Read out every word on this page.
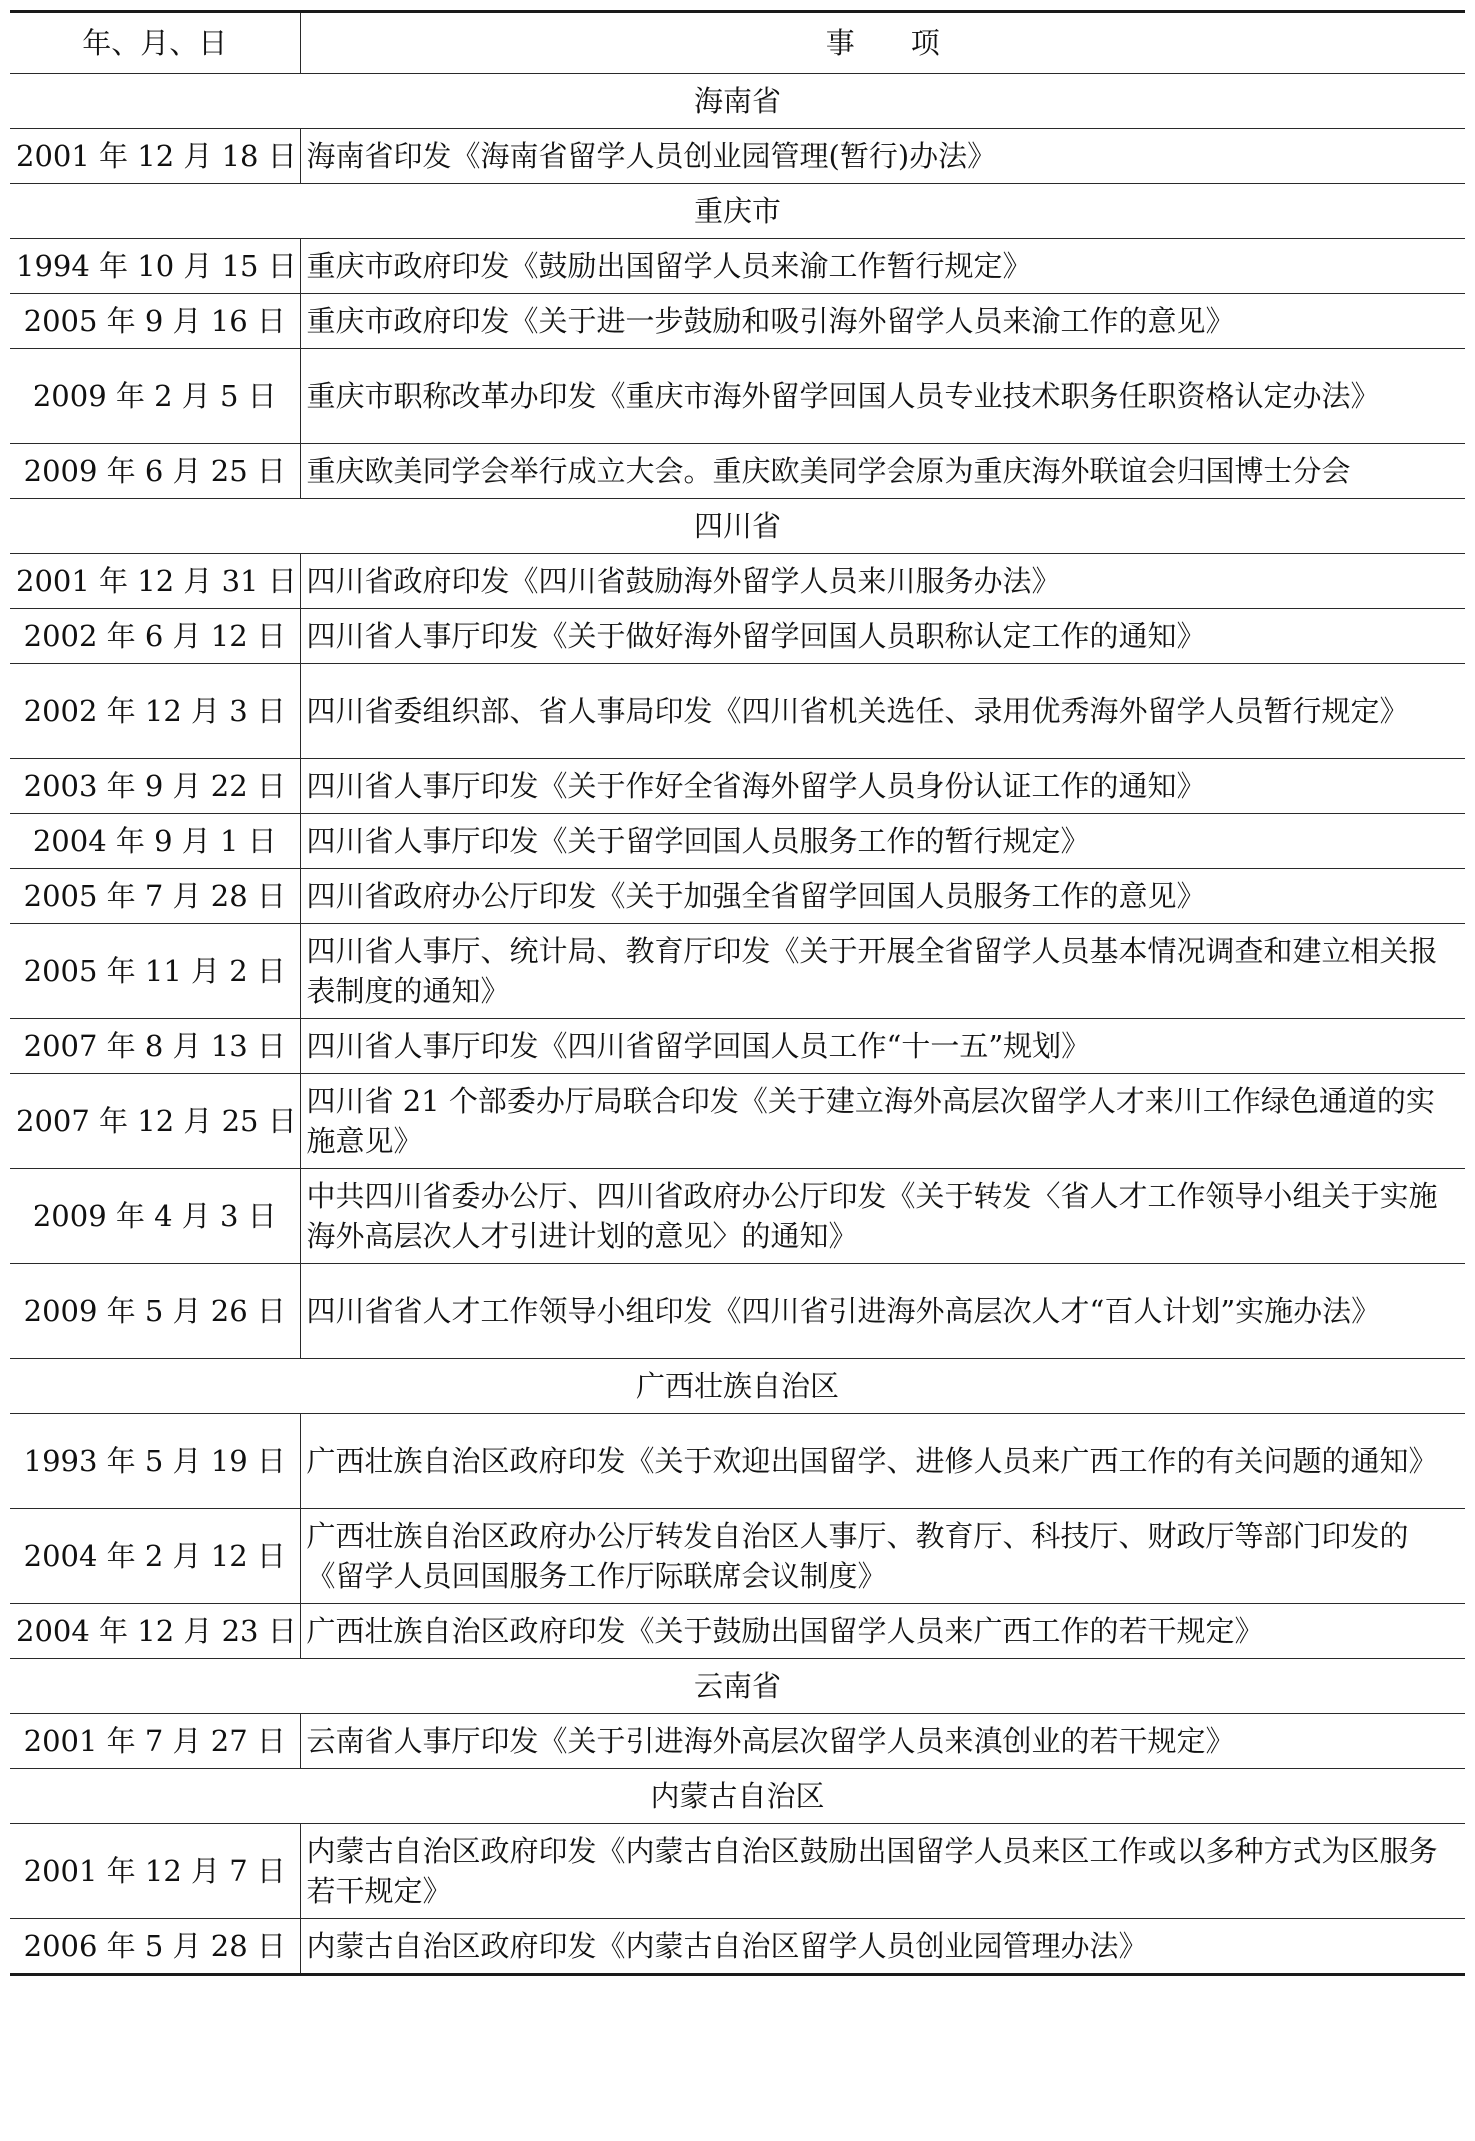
年、月、日	事 项
海南省	
2001 年 12 月 18 日	海南省印发《海南省留学人员创业园管理(暂行)办法》
重庆市	
1994 年 10 月 15 日	重庆市政府印发《鼓励出国留学人员来渝工作暂行规定》
2005 年 9 月 16 日	重庆市政府印发《关于进一步鼓励和吸引海外留学人员来渝工作的意见》
2009 年 2 月 5 日	重庆市职称改革办印发《重庆市海外留学回国人员专业技术职务任职资格认定办法》
2009 年 6 月 25 日	重庆欧美同学会举行成立大会。重庆欧美同学会原为重庆海外联谊会归国博士分会
四川省	
2001 年 12 月 31 日	四川省政府印发《四川省鼓励海外留学人员来川服务办法》
2002 年 6 月 12 日	四川省人事厅印发《关于做好海外留学回国人员职称认定工作的通知》
2002 年 12 月 3 日	四川省委组织部、省人事局印发《四川省机关选任、录用优秀海外留学人员暂行规定》
2003 年 9 月 22 日	四川省人事厅印发《关于作好全省海外留学人员身份认证工作的通知》
2004 年 9 月 1 日	四川省人事厅印发《关于留学回国人员服务工作的暂行规定》
2005 年 7 月 28 日	四川省政府办公厅印发《关于加强全省留学回国人员服务工作的意见》
2005 年 11 月 2 日	四川省人事厅、统计局、教育厅印发《关于开展全省留学人员基本情况调查和建立相关报表制度的通知》
2007 年 8 月 13 日	四川省人事厅印发《四川省留学回国人员工作“十一五”规划》
2007 年 12 月 25 日	四川省 21 个部委办厅局联合印发《关于建立海外高层次留学人才来川工作绿色通道的实施意见》
2009 年 4 月 3 日	中共四川省委办公厅、四川省政府办公厅印发《关于转发〈省人才工作领导小组关于实施海外高层次人才引进计划的意见〉的通知》
2009 年 5 月 26 日	四川省省人才工作领导小组印发《四川省引进海外高层次人才“百人计划”实施办法》
广西壮族自治区	
1993 年 5 月 19 日	广西壮族自治区政府印发《关于欢迎出国留学、进修人员来广西工作的有关问题的通知》
2004 年 2 月 12 日	广西壮族自治区政府办公厅转发自治区人事厅、教育厅、科技厅、财政厅等部门印发的《留学人员回国服务工作厅际联席会议制度》
2004 年 12 月 23 日	广西壮族自治区政府印发《关于鼓励出国留学人员来广西工作的若干规定》
云南省	
2001 年 7 月 27 日	云南省人事厅印发《关于引进海外高层次留学人员来滇创业的若干规定》
内蒙古自治区	
2001 年 12 月 7 日	内蒙古自治区政府印发《内蒙古自治区鼓励出国留学人员来区工作或以多种方式为区服务若干规定》
2006 年 5 月 28 日	内蒙古自治区政府印发《内蒙古自治区留学人员创业园管理办法》
